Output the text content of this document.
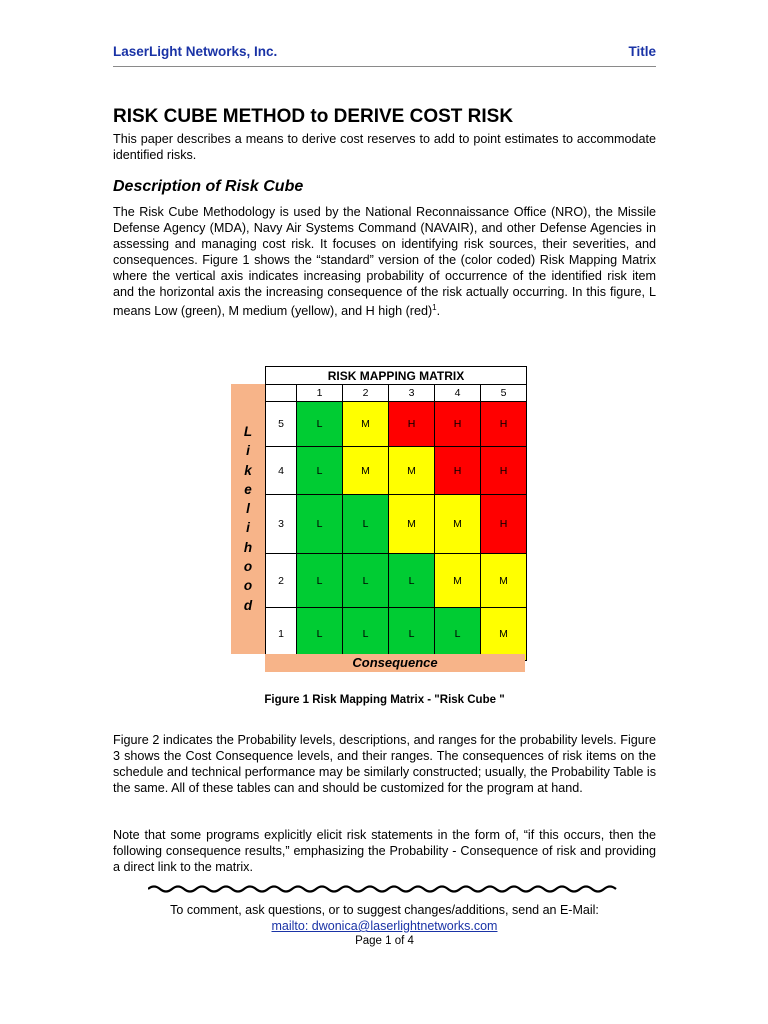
LaserLight Networks, Inc.	Title
RISK CUBE METHOD to DERIVE COST RISK

This paper describes a means to derive cost reserves to add to point estimates to accommodate identified risks.

Description of Risk Cube

The Risk Cube Methodology is used by the National Reconnaissance Office (NRO), the Missile Defense Agency (MDA), Navy Air Systems Command (NAVAIR), and other Defense Agencies in assessing and managing cost risk. It focuses on identifying risk sources, their severities, and consequences. Figure 1 shows the “standard” version of the (color coded) Risk Mapping Matrix where the vertical axis indicates increasing probability of occurrence of the identified risk item and the horizontal axis the increasing consequence of the risk actually occurring. In this figure, L means Low (green), M medium (yellow), and H high (red)$^1$.

L
i
k
e
l
i
h
o
o
d
RISK MAPPING MATRIX					
	1	2	3	4	5
5	L	M	H	H	H
4	L	M	M	H	H
3	L	L	M	M	H
2	L	L	L	M	M
1	L	L	L	L	M
Consequence

Figure 1 Risk Mapping Matrix - "Risk Cube "

Figure 2 indicates the Probability levels, descriptions, and ranges for the probability levels. Figure 3 shows the Cost Consequence levels, and their ranges. The consequences of risk items on the schedule and technical performance may be similarly constructed; usually, the Probability Table is the same. All of these tables can and should be customized for the program at hand.

Note that some programs explicitly elicit risk statements in the form of, “if this occurs, then the following consequence results,” emphasizing the Probability - Consequence of risk and providing a direct link to the matrix.

To comment, ask questions, or to suggest changes/additions, send an E-Mail:

mailto: dwonica@laserlightnetworks.com

Page 1 of 4
